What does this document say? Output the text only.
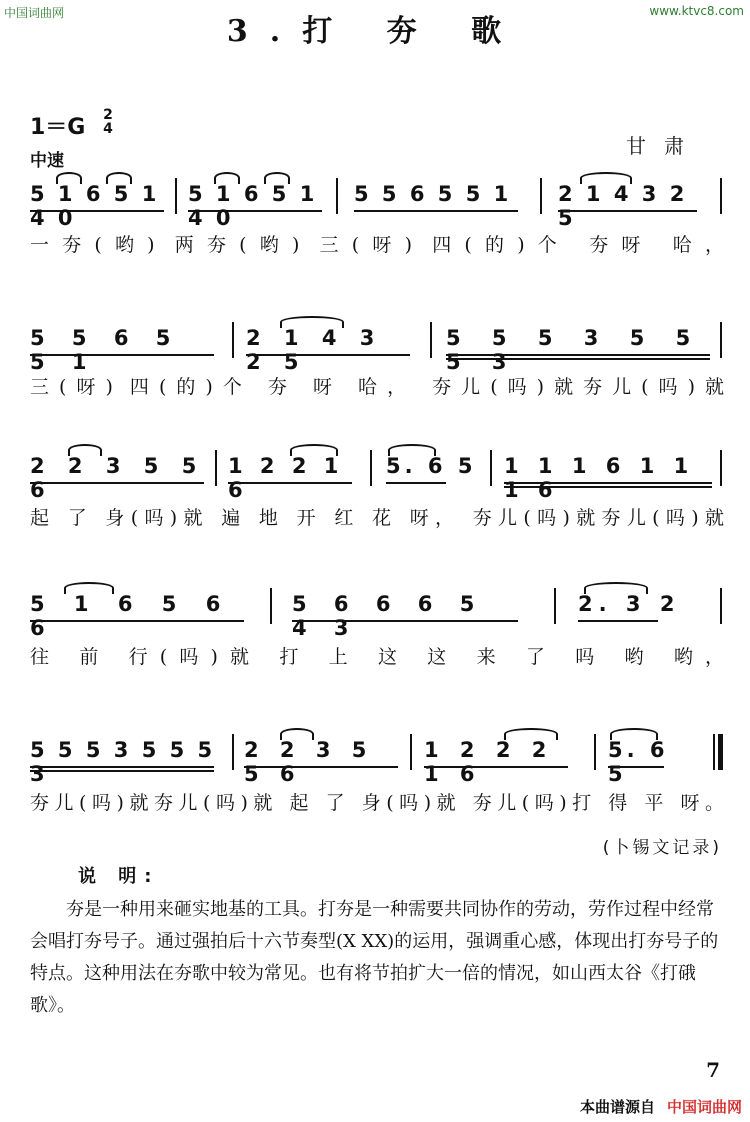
中国词曲网	www.ktvc8.com
3.打 夯 歌
1＝G	2
4
中速
甘肃
5 1 6 5 1 4 0
5 1 6 5 1 4 0
5 5 6 5 5 1 2 1 4 3 2 5
一夯(哟) 两夯(哟) 三(呀) 四(的)个 夯呀 哈，
5 5 6 5 5 1
2 1 4 3 2 5
5 5 5 3 5 5 5 3
三(呀) 四(的)个 夯 呀 哈， 夯儿(吗)就夯儿(吗)就
2 2 3 5 5 6
1 2 2 1 6
5. 6 5 1 1 1 6 1 1 1 6
起 了 身(吗)就 遍 地 开 红 花 呀， 夯儿(吗)就夯儿(吗)就
5 1 6 5 6 6
5 6 6 6 5 4 3
2. 3 2
往 前 行(吗)就 打 上 这 这 来 了 吗 哟 哟，
5 5 5 3 5 5 5 3
2 2 3 5 5 6
1 2 2 2 1 6
5. 6 5
夯儿(吗)就夯儿(吗)就 起 了 身(吗)就 夯儿(吗)打 得 平 呀。
(卜锡文记录)
说 明:
夯是一种用来砸实地基的工具。打夯是一种需要共同协作的劳动，劳作过程中经常会唱打夯号子。通过强拍后十六节奏型(X XX)的运用，强调重心感，体现出打夯号子的特点。这种用法在夯歌中较为常见。也有将节拍扩大一倍的情况，如山西太谷《打硪歌》。
7
本曲谱源自 中国词曲网
